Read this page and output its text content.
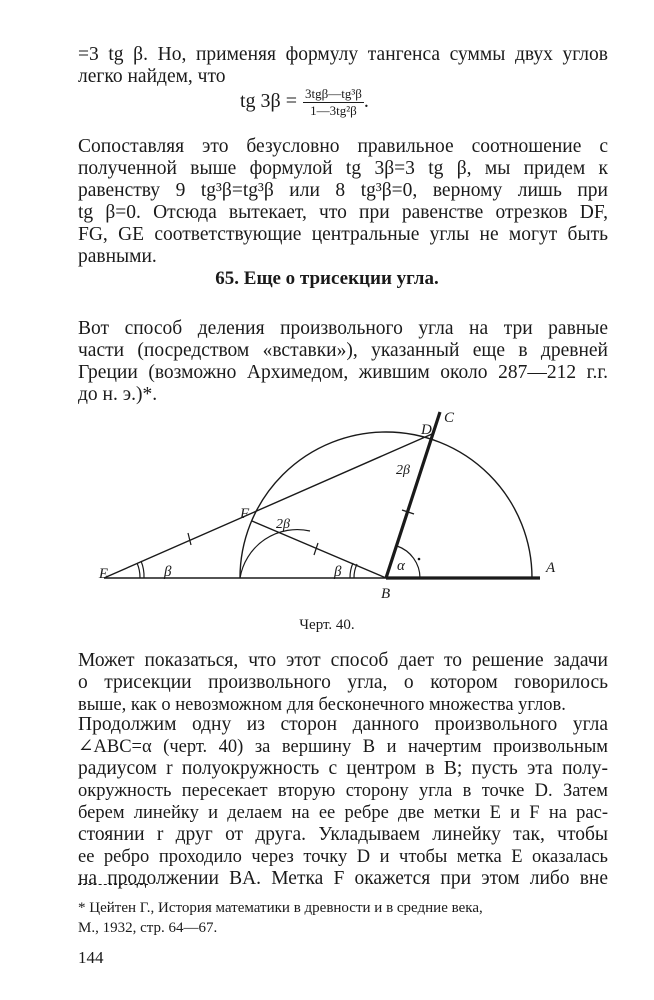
=3 tg β. Но, применяя формулу тангенса суммы двух углов
легко найдем, что
tg $3\beta = \frac{\text{3tgβ—tg³β}}{\text{1—3tg²β}}$ .
Сопоставляя это безусловно правильное соотношение с
полученной выше формулой tg 3β=3 tg β, мы придем к
равенству 9 tg³β=tg³β или 8 tg³β=0, верному лишь при
tg β=0. Отсюда вытекает, что при равенстве отрезков DF,
FG, GE соответствующие центральные углы не могут быть
равными.
65. Еще о трисекции угла.
Вот способ деления произвольного угла на три равные
части (посредством «вставки»), указанный еще в древней
Греции (возможно Архимедом, жившим около 287—212 г.г.
до н. э.)*.
E
F
B
A
C
D
2β
2β
β	β	α
Черт. 40.
Может показаться, что этот способ дает то решение задачи
о трисекции произвольного угла, о котором говорилось
выше, как о невозможном для бесконечного множества углов.
Продолжим одну из сторон данного произвольного угла
∠ABC=α (черт. 40) за вершину B и начертим произвольным
радиусом r полуокружность с центром в B; пусть эта полу-
окружность пересекает вторую сторону угла в точке D. Затем
берем линейку и делаем на ее ребре две метки E и F на рас-
стоянии r друг от друга. Укладываем линейку так, чтобы
ее ребро проходило через точку D и чтобы метка E оказалась
на продолжении BA. Метка F окажется при этом либо вне
* Цейтен Г., История математики в древности и в средние века,
М., 1932, стр. 64—67.
144
